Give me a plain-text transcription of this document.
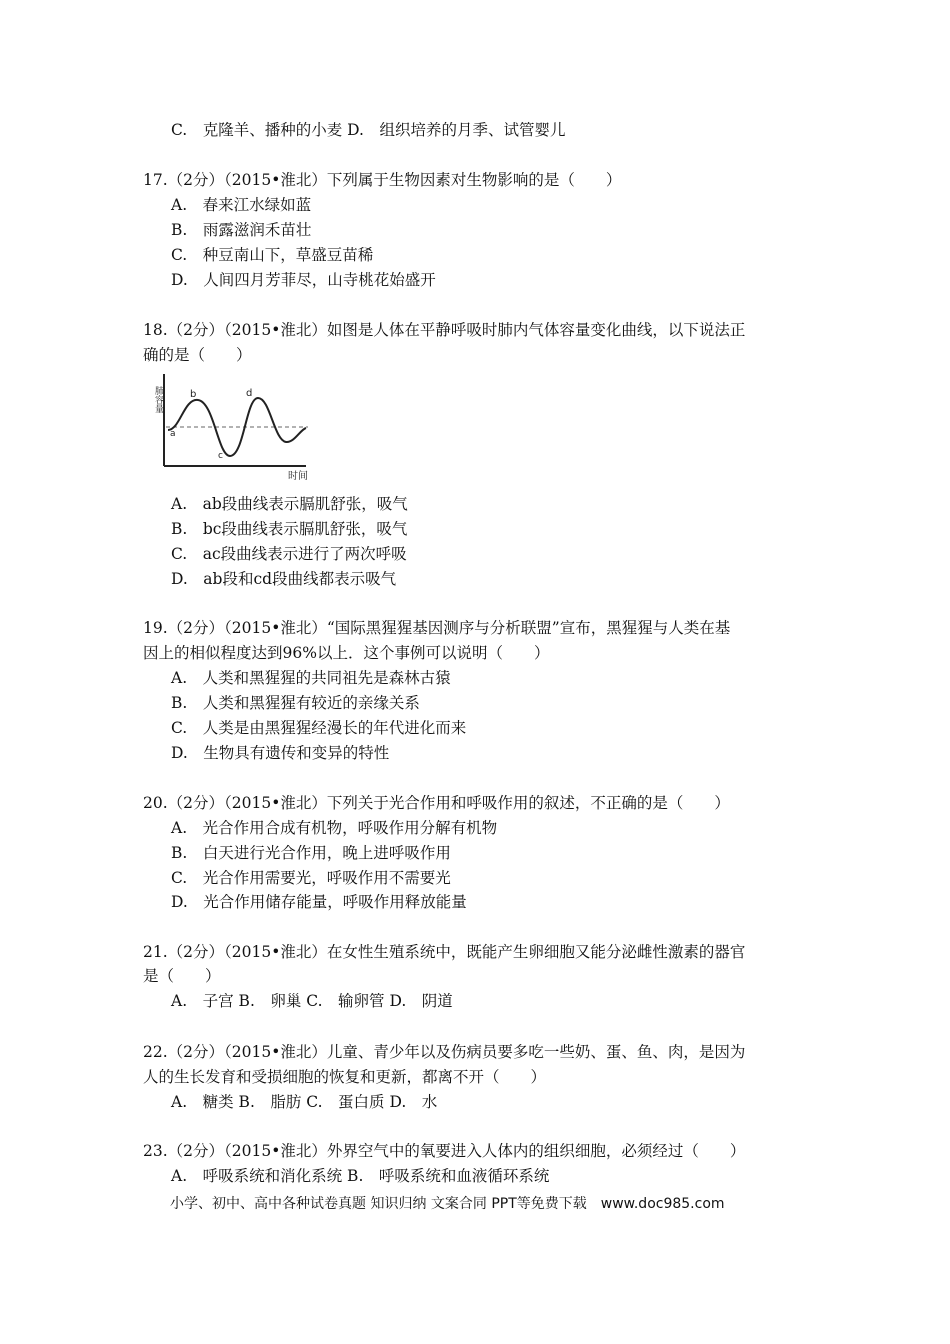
C.　克隆羊、播种的小麦 D.　组织培养的月季、试管婴儿
17.（2分）（2015•淮北）下列属于生物因素对生物影响的是（　　）
A.　春来江水绿如蓝
B.　雨露滋润禾苗壮
C.　种豆南山下，草盛豆苗稀
D.　人间四月芳菲尽，山寺桃花始盛开
18.（2分）（2015•淮北）如图是人体在平静呼吸时肺内气体容量变化曲线，以下说法正
确的是（　　）
肺容量
a
b
c
d
时间
A.　ab段曲线表示膈肌舒张，吸气
B.　bc段曲线表示膈肌舒张，吸气
C.　ac段曲线表示进行了两次呼吸
D.　ab段和cd段曲线都表示吸气
19.（2分）（2015•淮北）“国际黑猩猩基因测序与分析联盟”宣布，黑猩猩与人类在基
因上的相似程度达到96%以上．这个事例可以说明（　　）
A.　人类和黑猩猩的共同祖先是森林古猿
B.　人类和黑猩猩有较近的亲缘关系
C.　人类是由黑猩猩经漫长的年代进化而来
D.　生物具有遗传和变异的特性
20.（2分）（2015•淮北）下列关于光合作用和呼吸作用的叙述，不正确的是（　　）
A.　光合作用合成有机物，呼吸作用分解有机物
B.　白天进行光合作用，晚上进呼吸作用
C.　光合作用需要光，呼吸作用不需要光
D.　光合作用储存能量，呼吸作用释放能量
21.（2分）（2015•淮北）在女性生殖系统中，既能产生卵细胞又能分泌雌性激素的器官
是（　　）
A.　子宫 B.　卵巢 C.　输卵管 D.　阴道
22.（2分）（2015•淮北）儿童、青少年以及伤病员要多吃一些奶、蛋、鱼、肉，是因为
人的生长发育和受损细胞的恢复和更新，都离不开（　　）
A.　糖类 B.　脂肪 C.　蛋白质 D.　水
23.（2分）（2015•淮北）外界空气中的氧要进入人体内的组织细胞，必须经过（　　）
A.　呼吸系统和消化系统 B.　呼吸系统和血液循环系统
小学、初中、高中各种试卷真题 知识归纳 文案合同 PPT等免费下载　www.doc985.com
